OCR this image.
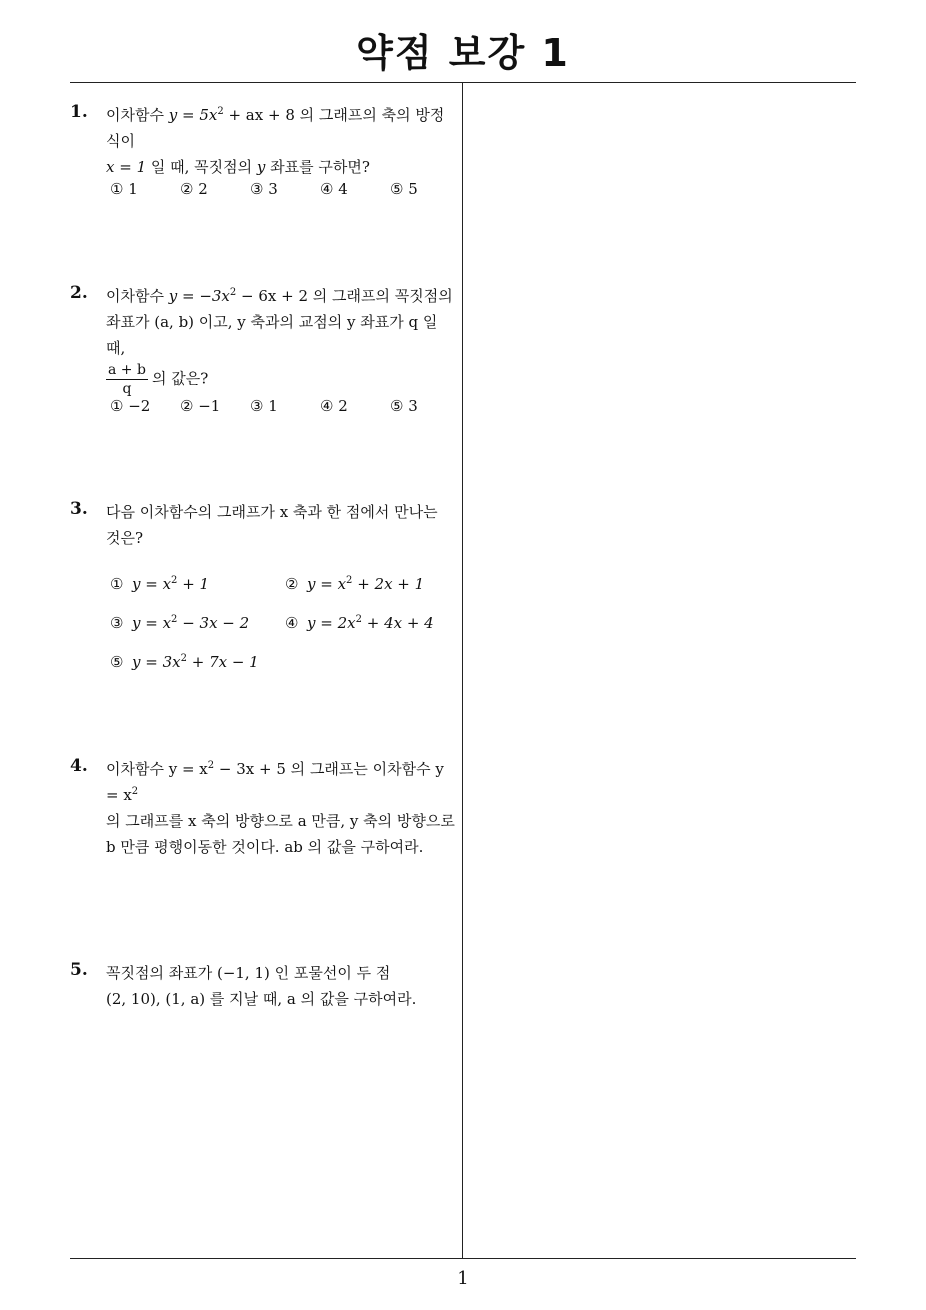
약점 보강 1
1
1. 이차함수 $y = 5x^2$ + ax + 8 의 그래프의 축의 방정식이
x = 1 일 때, 꼭짓점의 y 좌표를 구하면?
① 1	② 2	③ 3	④ 4	⑤ 5
2. 이차함수 $y = -3x^2 - 6x + 2$ 의 그래프의 꼭짓점의
좌표가 (a, b) 이고, y 축과의 교점의 y 좌표가 q 일 때,

$\frac{a + b}{q}$ 의 값은?
① −2 ② −1 ③ 1	④ 2	⑤ 3
3. 다음 이차함수의 그래프가 x 축과 한 점에서 만나는
것은?
① $y = x^2 + 1$	② $y = x^2 + 2x + 1$
③ $y = x^2 - 3x - 2$ ④ $y = 2x^2 + 4x + 4$
⑤ $y = 3x^2 + 7x - 1$
4. 이차함수 $y = x^2 - 3x + 5$ 의 그래프는 이차함수 $y = x^2$
의 그래프를 x 축의 방향으로 a 만큼, y 축의 방향으로
b 만큼 평행이동한 것이다. ab 의 값을 구하여라.
5. 꼭짓점의 좌표가 (−1, 1) 인 포물선이 두 점
(2, 10), (1, a) 를 지날 때, a 의 값을 구하여라.
